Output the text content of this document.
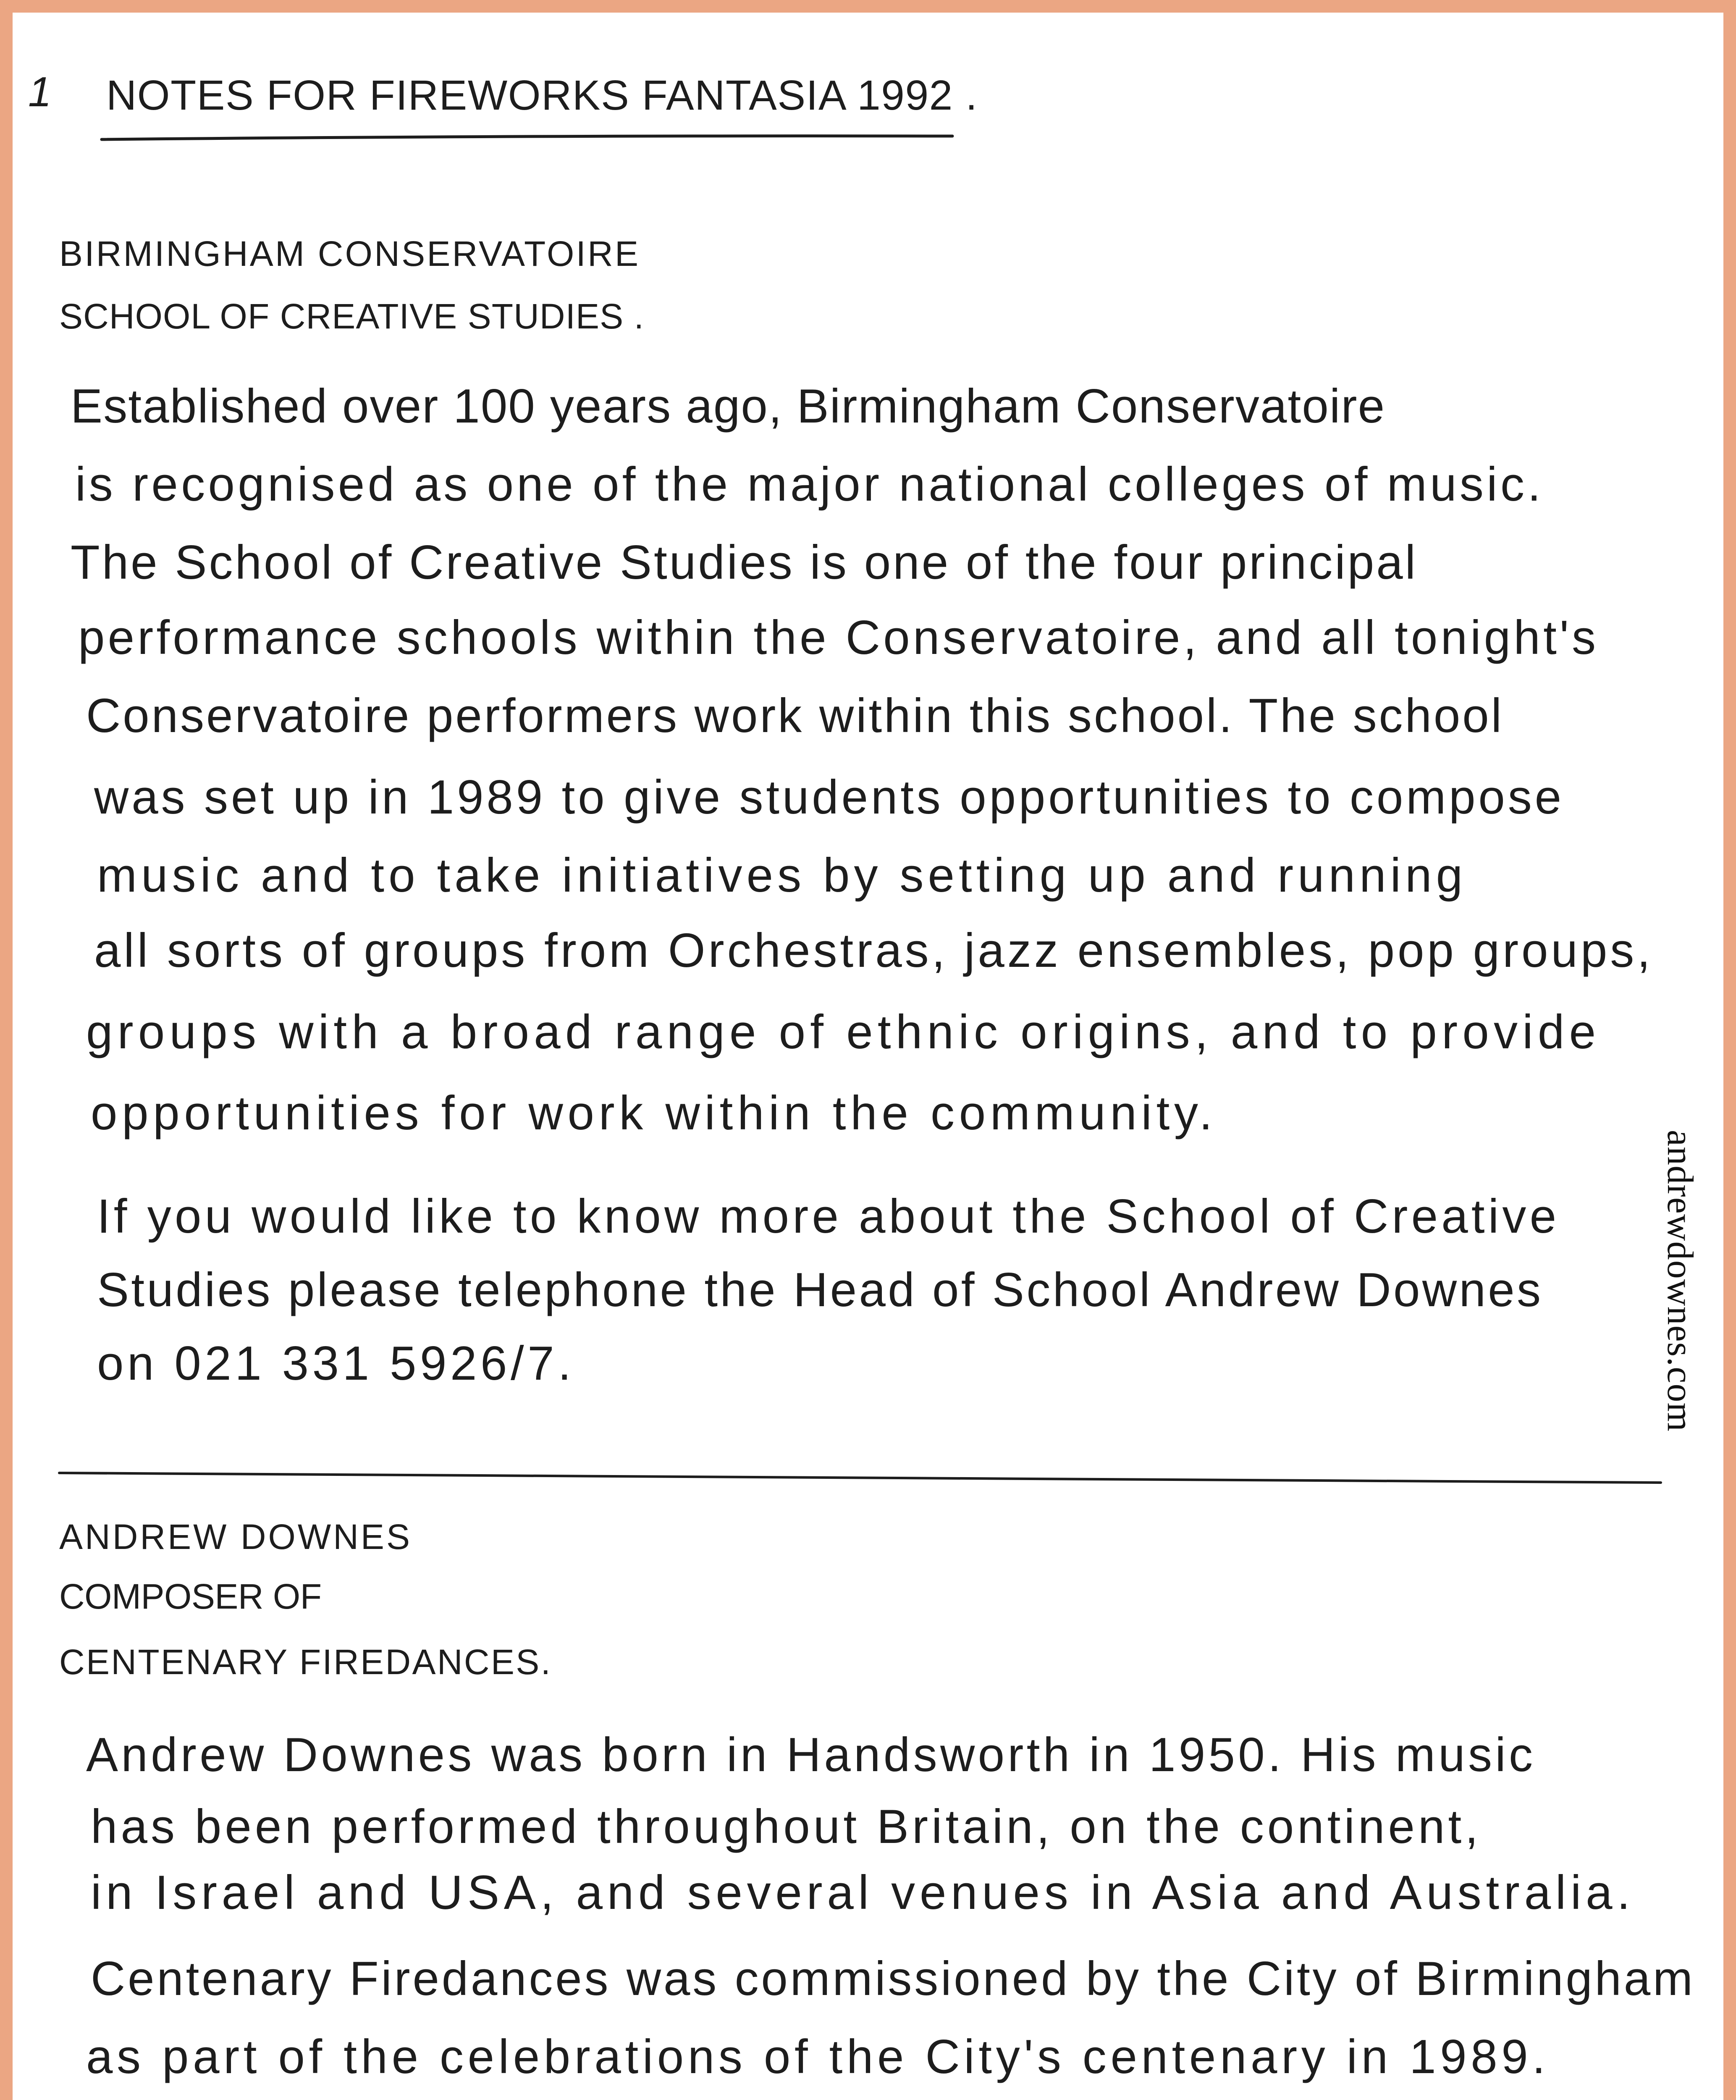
1 NOTES FOR FIREWORKS FANTASIA 1992 .
BIRMINGHAM CONSERVATOIRE
SCHOOL OF CREATIVE STUDIES .
Established over 100 years ago, Birmingham Conservatoire
is recognised as one of the major national colleges of music.
The School of Creative Studies is one of the four principal
performance schools within the Conservatoire, and all tonight's
Conservatoire performers work within this school. The school
was set up in 1989 to give students opportunities to compose
music and to take initiatives by setting up and running
all sorts of groups from Orchestras, jazz ensembles, pop groups,
groups with a broad range of ethnic origins, and to provide
opportunities for work within the community.
If you would like to know more about the School of Creative
Studies please telephone the Head of School Andrew Downes
on 021 331 5926/7.
andrewdownes.com
ANDREW DOWNES
COMPOSER OF
CENTENARY FIREDANCES.
Andrew Downes was born in Handsworth in 1950. His music
has been performed throughout Britain, on the continent,
in Israel and USA, and several venues in Asia and Australia.
Centenary Firedances was commissioned by the City of Birmingham
as part of the celebrations of the City's centenary in 1989.
